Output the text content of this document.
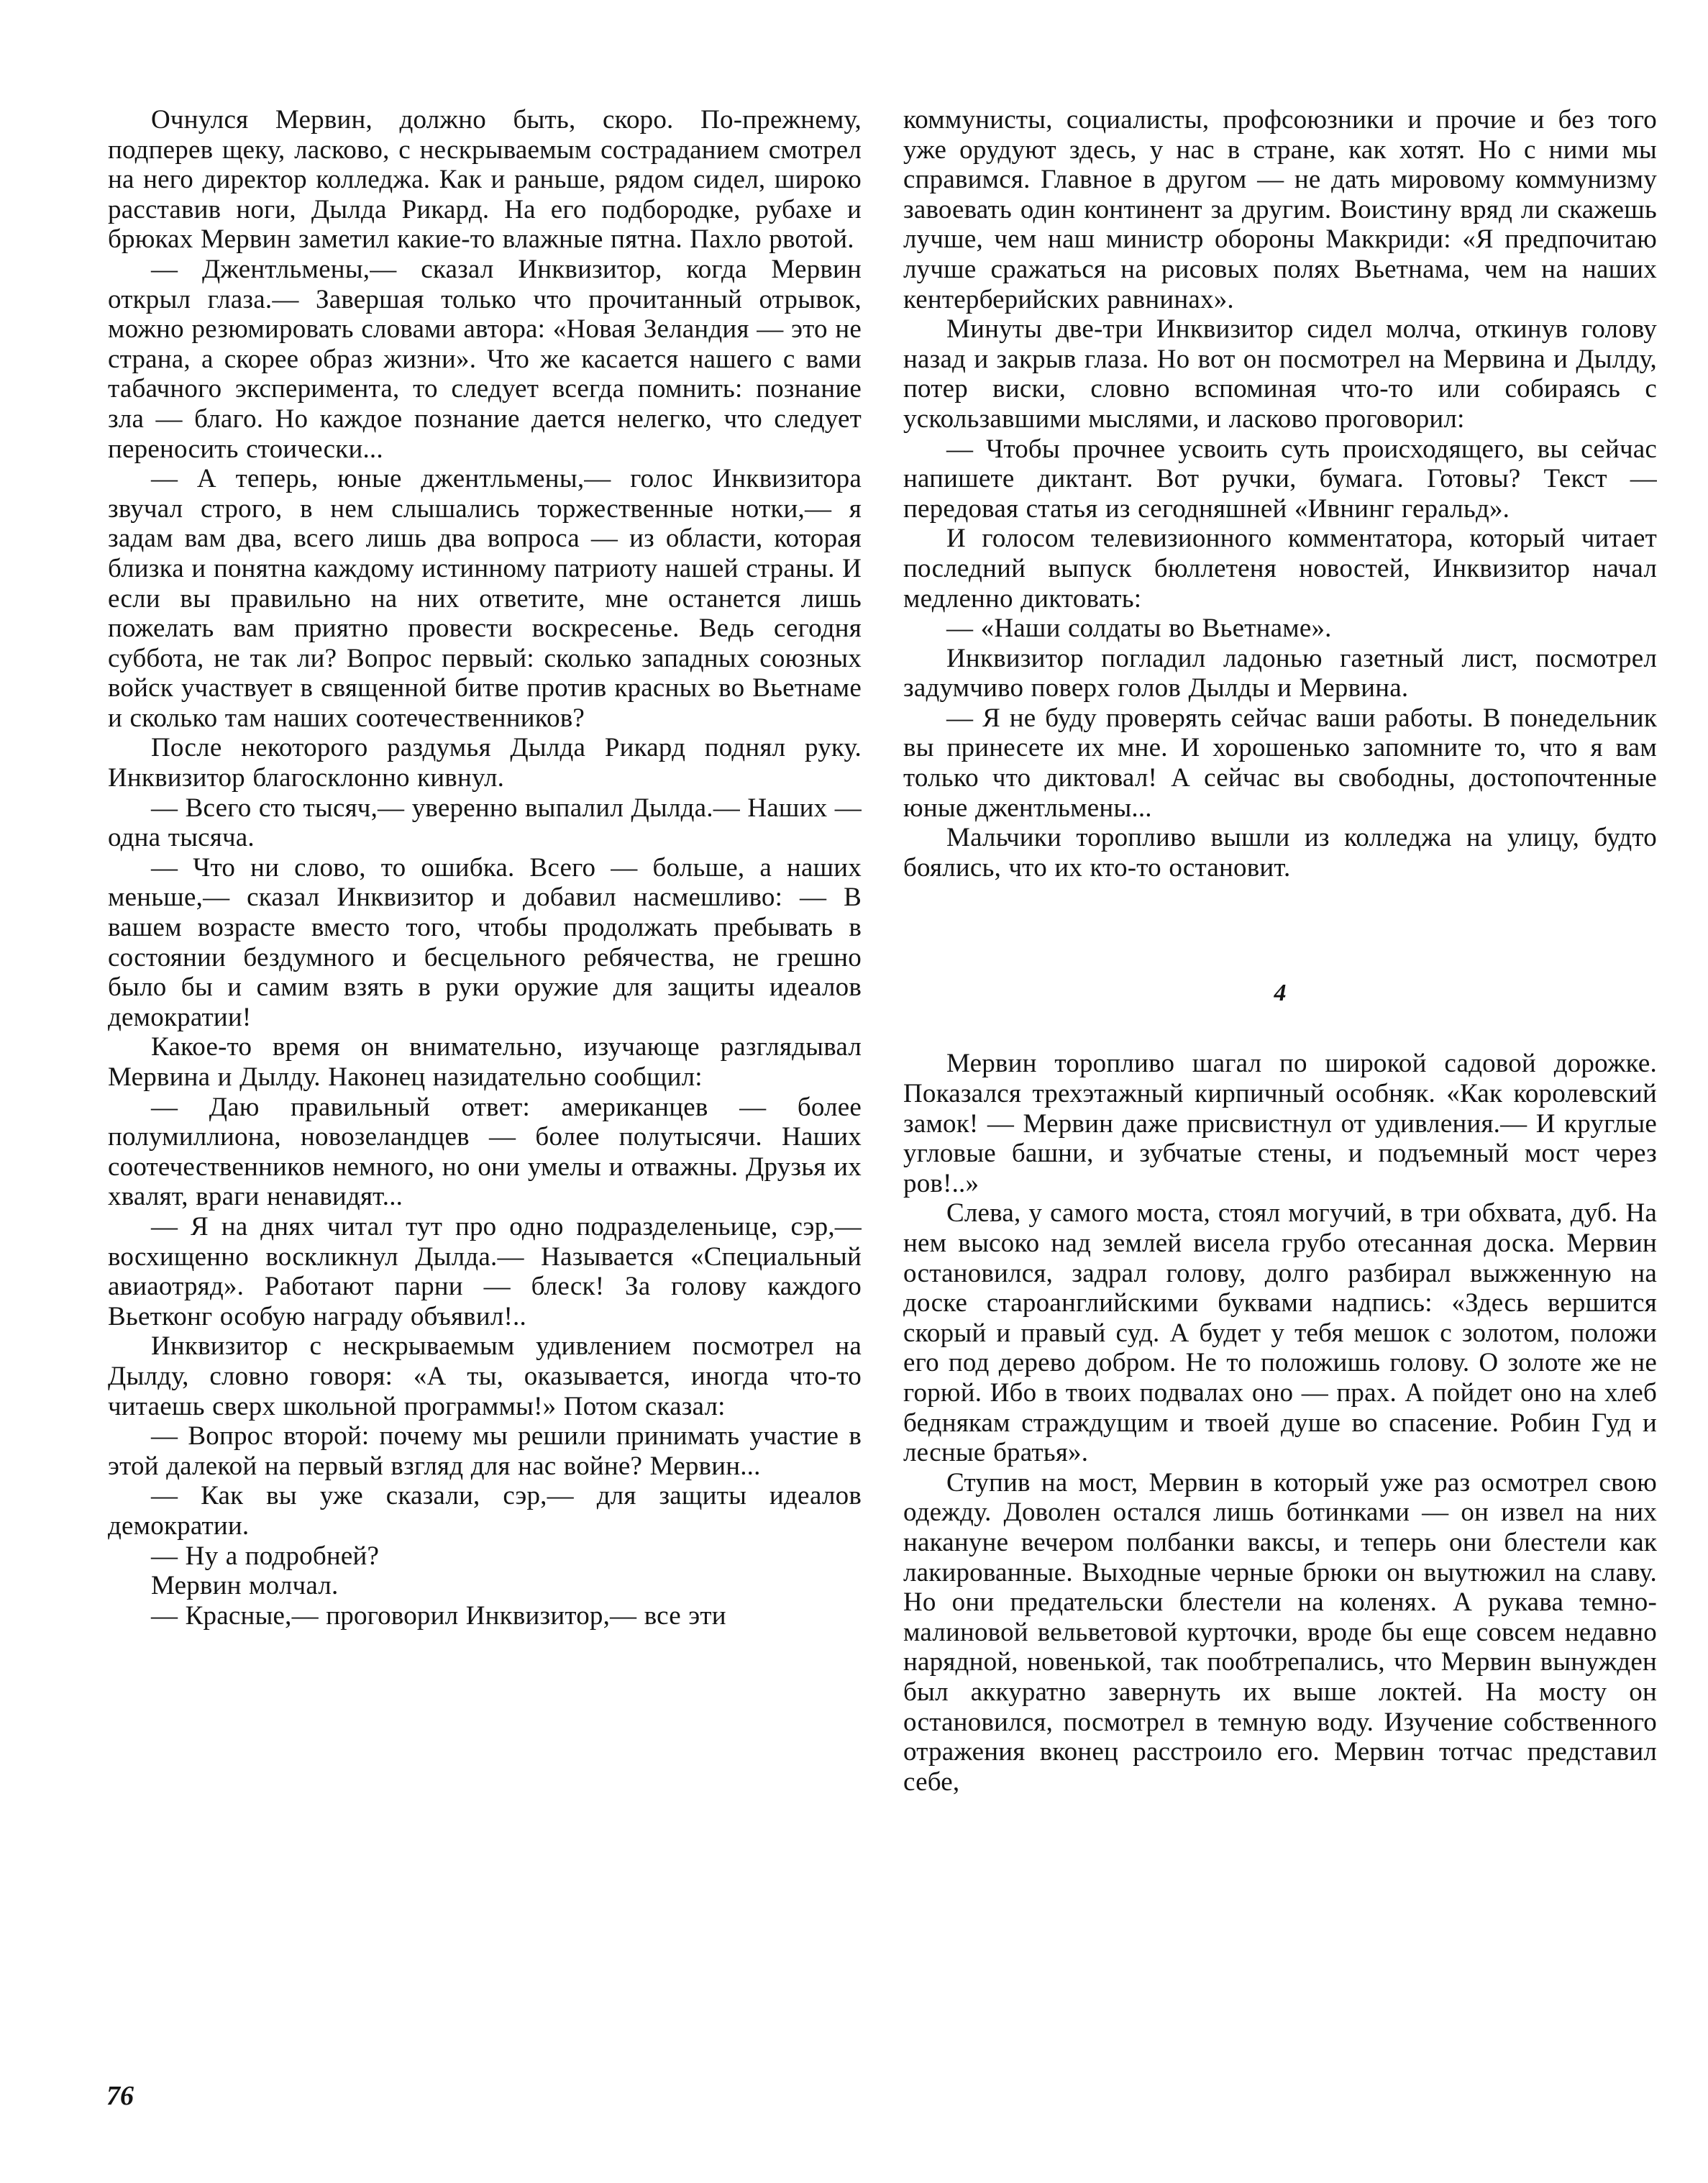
Очнулся Мервин, должно быть, скоро. По-прежнему, подперев щеку, ласково, с нескрываемым состраданием смотрел на него директор колледжа. Как и раньше, рядом сидел, широко расставив ноги, Дылда Рикард. На его подбородке, рубахе и брюках Мервин заметил какие-то влажные пятна. Пахло рвотой.

— Джентльмены,— сказал Инквизитор, когда Мервин открыл глаза.— Завершая только что прочитанный отрывок, можно резюмировать словами автора: «Новая Зеландия — это не страна, а скорее образ жизни». Что же касается нашего с вами табачного эксперимента, то следует всегда помнить: познание зла — благо. Но каждое познание дается нелегко, что следует переносить стоически...

— А теперь, юные джентльмены,— голос Инквизитора звучал строго, в нем слышались торжественные нотки,— я задам вам два, всего лишь два вопроса — из области, которая близка и понятна каждому истинному патриоту нашей страны. И если вы правильно на них ответите, мне останется лишь пожелать вам приятно провести воскресенье. Ведь сегодня суббота, не так ли? Вопрос первый: сколько западных союзных войск участвует в священной битве против красных во Вьетнаме и сколько там наших соотечественников?

После некоторого раздумья Дылда Рикард поднял руку. Инквизитор благосклонно кивнул.

— Всего сто тысяч,— уверенно выпалил Дылда.— Наших — одна тысяча.

— Что ни слово, то ошибка. Всего — больше, а наших меньше,— сказал Инквизитор и добавил насмешливо: — В вашем возрасте вместо того, чтобы продолжать пребывать в состоянии бездумного и бесцельного ребячества, не грешно было бы и самим взять в руки оружие для защиты идеалов демократии!

Какое-то время он внимательно, изучающе разглядывал Мервина и Дылду. Наконец назидательно сообщил:

— Даю правильный ответ: американцев — более полумиллиона, новозеландцев — более полутысячи. Наших соотечественников немного, но они умелы и отважны. Друзья их хвалят, враги ненавидят...

— Я на днях читал тут про одно подразделеньице, сэр,— восхищенно воскликнул Дылда.— Называется «Специальный авиаотряд». Работают парни — блеск! За голову каждого Вьетконг особую награду объявил!..

Инквизитор с нескрываемым удивлением посмотрел на Дылду, словно говоря: «А ты, оказывается, иногда что-то читаешь сверх школьной программы!» Потом сказал:

— Вопрос второй: почему мы решили принимать участие в этой далекой на первый взгляд для нас войне? Мервин...

— Как вы уже сказали, сэр,— для защиты идеалов демократии.

— Ну а подробней?

Мервин молчал.

— Красные,— проговорил Инквизитор,— все эти

коммунисты, социалисты, профсоюзники и прочие и без того уже орудуют здесь, у нас в стране, как хотят. Но с ними мы справимся. Главное в другом — не дать мировому коммунизму завоевать один континент за другим. Воистину вряд ли скажешь лучше, чем наш министр обороны Маккриди: «Я предпочитаю лучше сражаться на рисовых полях Вьетнама, чем на наших кентерберийских равнинах».

Минуты две-три Инквизитор сидел молча, откинув голову назад и закрыв глаза. Но вот он посмотрел на Мервина и Дылду, потер виски, словно вспоминая что-то или собираясь с ускользавшими мыслями, и ласково проговорил:

— Чтобы прочнее усвоить суть происходящего, вы сейчас напишете диктант. Вот ручки, бумага. Готовы? Текст — передовая статья из сегодняшней «Ивнинг геральд».

И голосом телевизионного комментатора, который читает последний выпуск бюллетеня новостей, Инквизитор начал медленно диктовать:

— «Наши солдаты во Вьетнаме».

Инквизитор погладил ладонью газетный лист, посмотрел задумчиво поверх голов Дылды и Мервина.

— Я не буду проверять сейчас ваши работы. В понедельник вы принесете их мне. И хорошенько запомните то, что я вам только что диктовал! А сейчас вы свободны, достопочтенные юные джентльмены...

Мальчики торопливо вышли из колледжа на улицу, будто боялись, что их кто-то остановит.

4

Мервин торопливо шагал по широкой садовой дорожке. Показался трехэтажный кирпичный особняк. «Как королевский замок! — Мервин даже присвистнул от удивления.— И круглые угловые башни, и зубчатые стены, и подъемный мост через ров!..»

Слева, у самого моста, стоял могучий, в три обхвата, дуб. На нем высоко над землей висела грубо отесанная доска. Мервин остановился, задрал голову, долго разбирал выжженную на доске староанглийскими буквами надпись: «Здесь вершится скорый и правый суд. А будет у тебя мешок с золотом, положи его под дерево добром. Не то положишь голову. О золоте же не горюй. Ибо в твоих подвалах оно — прах. А пойдет оно на хлеб беднякам страждущим и твоей душе во спасение. Робин Гуд и лесные братья».

Ступив на мост, Мервин в который уже раз осмотрел свою одежду. Доволен остался лишь ботинками — он извел на них накануне вечером полбанки ваксы, и теперь они блестели как лакированные. Выходные черные брюки он выутюжил на славу. Но они предательски блестели на коленях. А рукава темно-малиновой вельветовой курточки, вроде бы еще совсем недавно нарядной, новенькой, так пообтрепались, что Мервин вынужден был аккуратно завернуть их выше локтей. На мосту он остановился, посмотрел в темную воду. Изучение собственного отражения вконец расстроило его. Мервин тотчас представил себе,

76
